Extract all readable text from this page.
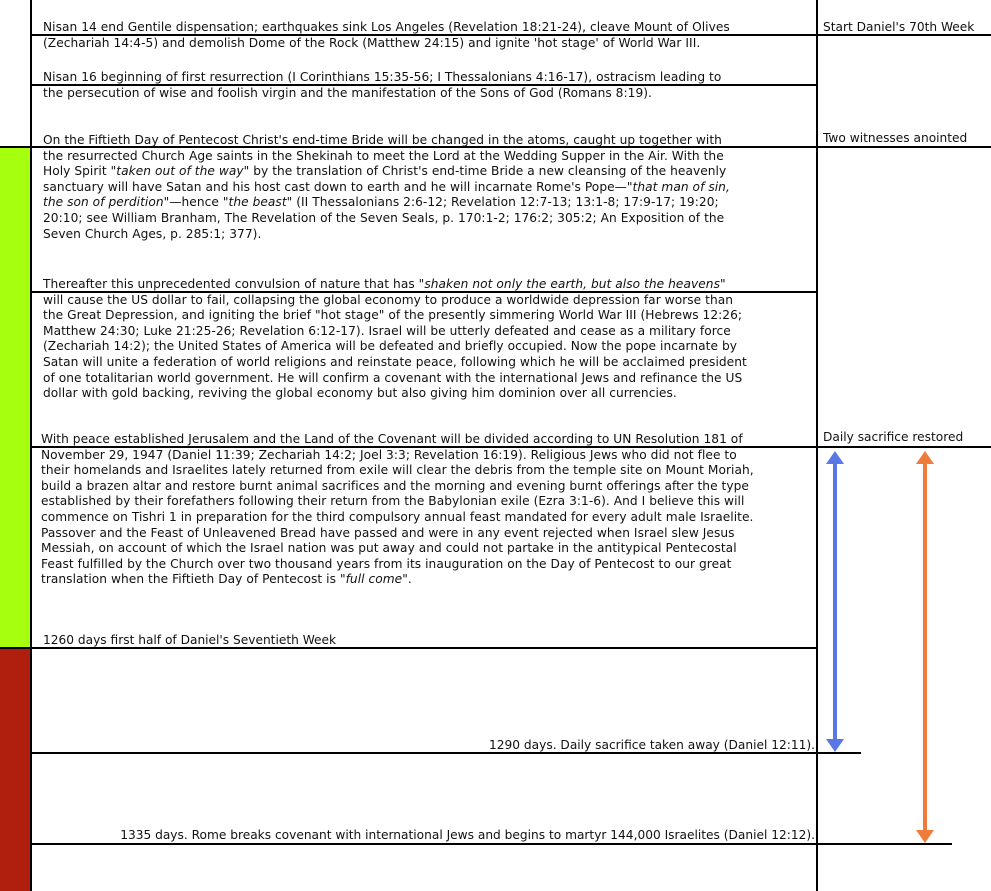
Start Daniel's 70th Week
Two witnesses anointed
Daily sacrifice restored
Nisan 14 end Gentile dispensation; earthquakes sink Los Angeles (Revelation 18:21-24), cleave Mount of Olives
(Zechariah 14:4-5) and demolish Dome of the Rock (Matthew 24:15) and ignite 'hot stage' of World War III.
Nisan 16 beginning of first resurrection (I Corinthians 15:35-56; I Thessalonians 4:16-17), ostracism leading to
the persecution of wise and foolish virgin and the manifestation of the Sons of God (Romans 8:19).
On the Fiftieth Day of Pentecost Christ's end-time Bride will be changed in the atoms, caught up together with
the resurrected Church Age saints in the Shekinah to meet the Lord at the Wedding Supper in the Air. With the
Holy Spirit "taken out of the way" by the translation of Christ's end-time Bride a new cleansing of the heavenly
sanctuary will have Satan and his host cast down to earth and he will incarnate Rome's Pope—"that man of sin,
the son of perdition"—hence "the beast" (II Thessalonians 2:6-12; Revelation 12:7-13; 13:1-8; 17:9-17; 19:20;
20:10; see William Branham, The Revelation of the Seven Seals, p. 170:1-2; 176:2; 305:2; An Exposition of the
Seven Church Ages, p. 285:1; 377).
Thereafter this unprecedented convulsion of nature that has "shaken not only the earth, but also the heavens"
will cause the US dollar to fail, collapsing the global economy to produce a worldwide depression far worse than
the Great Depression, and igniting the brief "hot stage" of the presently simmering World War III (Hebrews 12:26;
Matthew 24:30; Luke 21:25-26; Revelation 6:12-17). Israel will be utterly defeated and cease as a military force
(Zechariah 14:2); the United States of America will be defeated and briefly occupied. Now the pope incarnate by
Satan will unite a federation of world religions and reinstate peace, following which he will be acclaimed president
of one totalitarian world government. He will confirm a covenant with the international Jews and refinance the US
dollar with gold backing, reviving the global economy but also giving him dominion over all currencies.
With peace established Jerusalem and the Land of the Covenant will be divided according to UN Resolution 181 of
November 29, 1947 (Daniel 11:39; Zechariah 14:2; Joel 3:3; Revelation 16:19). Religious Jews who did not flee to
their homelands and Israelites lately returned from exile will clear the debris from the temple site on Mount Moriah,
build a brazen altar and restore burnt animal sacrifices and the morning and evening burnt offerings after the type
established by their forefathers following their return from the Babylonian exile (Ezra 3:1-6). And I believe this will
commence on Tishri 1 in preparation for the third compulsory annual feast mandated for every adult male Israelite.
Passover and the Feast of Unleavened Bread have passed and were in any event rejected when Israel slew Jesus
Messiah, on account of which the Israel nation was put away and could not partake in the antitypical Pentecostal
Feast fulfilled by the Church over two thousand years from its inauguration on the Day of Pentecost to our great
translation when the Fiftieth Day of Pentecost is "full come".
1260 days first half of Daniel's Seventieth Week
1290 days. Daily sacrifice taken away (Daniel 12:11).
1335 days. Rome breaks covenant with international Jews and begins to martyr 144,000 Israelites (Daniel 12:12).
